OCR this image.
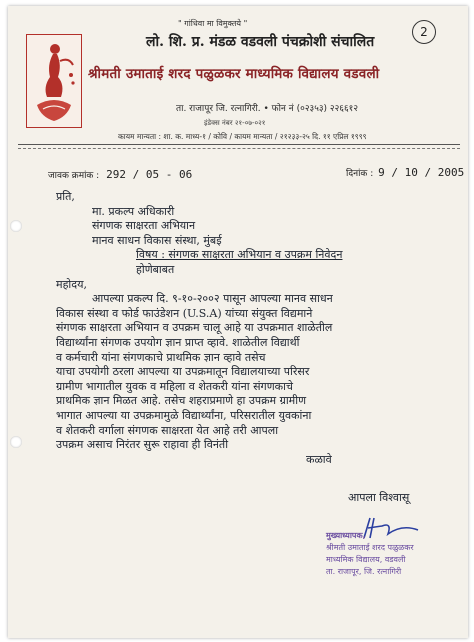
" गांधिवा मा विमुक्तये "
2
लो. शि. प्र. मंडळ वडवली पंचक्रोशी संचालित
श्रीमती उमाताई शरद पळुळकर माध्यमिक विद्यालय वडवली
ता. राजापूर जि. रत्नागिरी. • फोन नं (०२३५३) २२६६१२
इंडेक्स नंबर २१-०७-०२१
कायम मान्यता : शा. क. माध्य-१ / कोवि / कायम मान्यता / २१२३३-२५ दि. ११ एप्रिल १९९९
जावक क्रमांक : 292 / 05 - 06	दिनांक : 9 / 10 / 2005
प्रति,
मा. प्रकल्प अधिकारी
संगणक साक्षरता अभियान
मानव साधन विकास संस्था, मुंबई
विषय : संगणक साक्षरता अभियान व उपक्रम निवेदन
होणेबाबत
महोदय,
आपल्या प्रकल्प दि. ९-१०-२००२ पासून आपल्या मानव साधन
विकास संस्था व फोर्ड फाउंडेशन (U.S.A) यांच्या संयुक्त विद्यमाने
संगणक साक्षरता अभियान व उपक्रम चालू आहे या उपक्रमात शाळेतील
विद्यार्थ्यांना संगणक उपयोग ज्ञान प्राप्त व्हावे. शाळेतील विद्यार्थी
व कर्मचारी यांना संगणकाचे प्राथमिक ज्ञान व्हावे तसेच
याचा उपयोगी ठरला आपल्या या उपक्रमातून विद्यालयाच्या परिसर
ग्रामीण भागातील युवक व महिला व शेतकरी यांना संगणकाचे
प्राथमिक ज्ञान मिळत आहे. तसेच शहराप्रमाणे हा उपक्रम ग्रामीण
भागात आपल्या या उपक्रमामुळे विद्यार्थ्यांना, परिसरातील युवकांना
व शेतकरी वर्गाला संगणक साक्षरता येत आहे तरी आपला
उपक्रम असाच निरंतर सुरू राहावा ही विनंती
कळावे
आपला विश्वासू
मुख्याध्यापक,
श्रीमती उमाताई शरद पळुळकर
माध्यमिक विद्यालय, वडवली
ता. राजापूर, जि. रत्नागिरी
